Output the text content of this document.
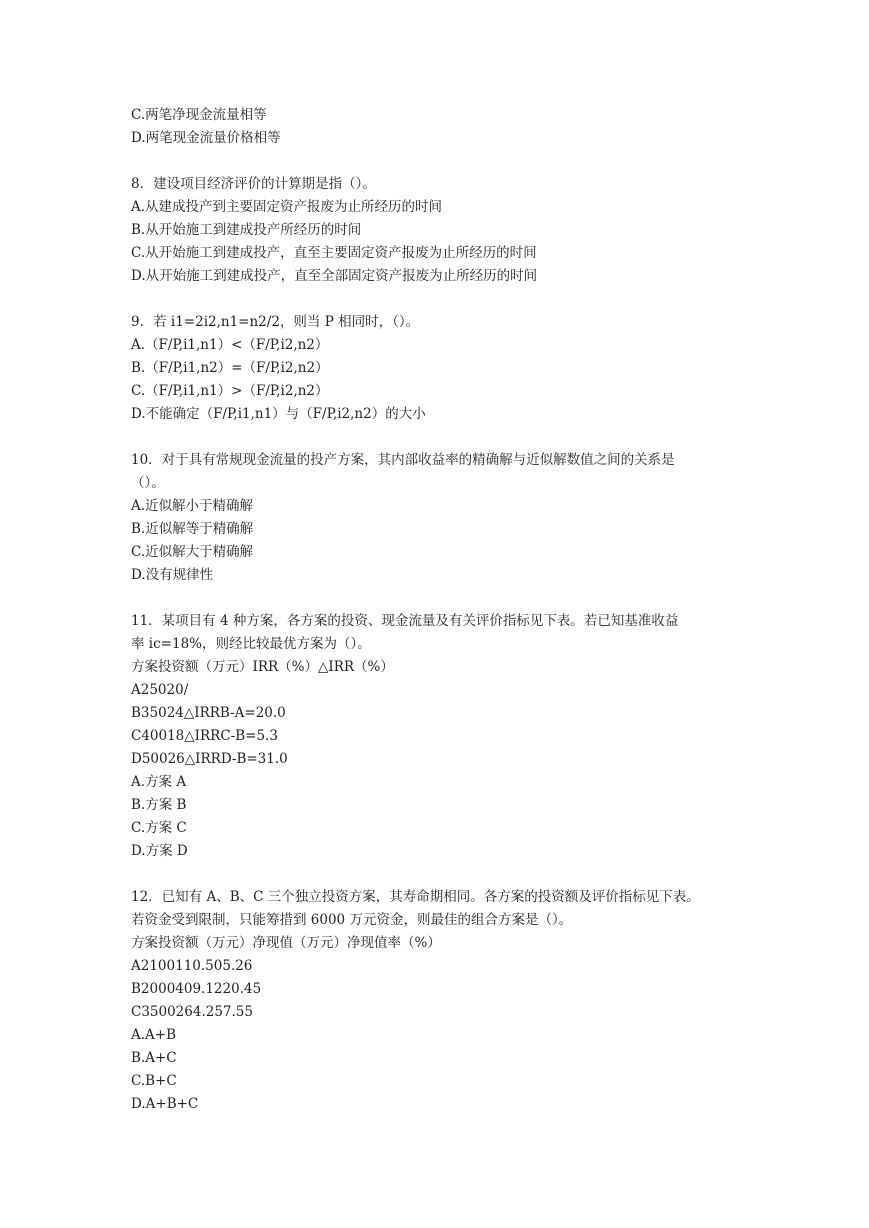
C.两笔净现金流量相等
D.两笔现金流量价格相等
8．建设项目经济评价的计算期是指（）。
A.从建成投产到主要固定资产报废为止所经历的时间
B.从开始施工到建成投产所经历的时间
C.从开始施工到建成投产，直至主要固定资产报废为止所经历的时间
D.从开始施工到建成投产，直至全部固定资产报废为止所经历的时间
9．若 i1=2i2,n1=n2/2，则当 P 相同时，（）。
A.（F/P,i1,n1）<（F/P,i2,n2）
B.（F/P,i1,n2）=（F/P,i2,n2）
C.（F/P,i1,n1）>（F/P,i2,n2）
D.不能确定（F/P,i1,n1）与（F/P,i2,n2）的大小
10．对于具有常规现金流量的投产方案，其内部收益率的精确解与近似解数值之间的关系是
（）。
A.近似解小于精确解
B.近似解等于精确解
C.近似解大于精确解
D.没有规律性
11．某项目有 4 种方案，各方案的投资、现金流量及有关评价指标见下表。若已知基准收益
率 ic=18%，则经比较最优方案为（）。
方案投资额（万元）IRR（%）△IRR（%）
A25020/
B35024△IRRB-A=20.0
C40018△IRRC-B=5.3
D50026△IRRD-B=31.0
A.方案 A
B.方案 B
C.方案 C
D.方案 D
12．已知有 A、B、C 三个独立投资方案，其寿命期相同。各方案的投资额及评价指标见下表。
若资金受到限制，只能筹措到 6000 万元资金，则最佳的组合方案是（）。
方案投资额（万元）净现值（万元）净现值率（%）
A2100110.505.26
B2000409.1220.45
C3500264.257.55
A.A+B
B.A+C
C.B+C
D.A+B+C
